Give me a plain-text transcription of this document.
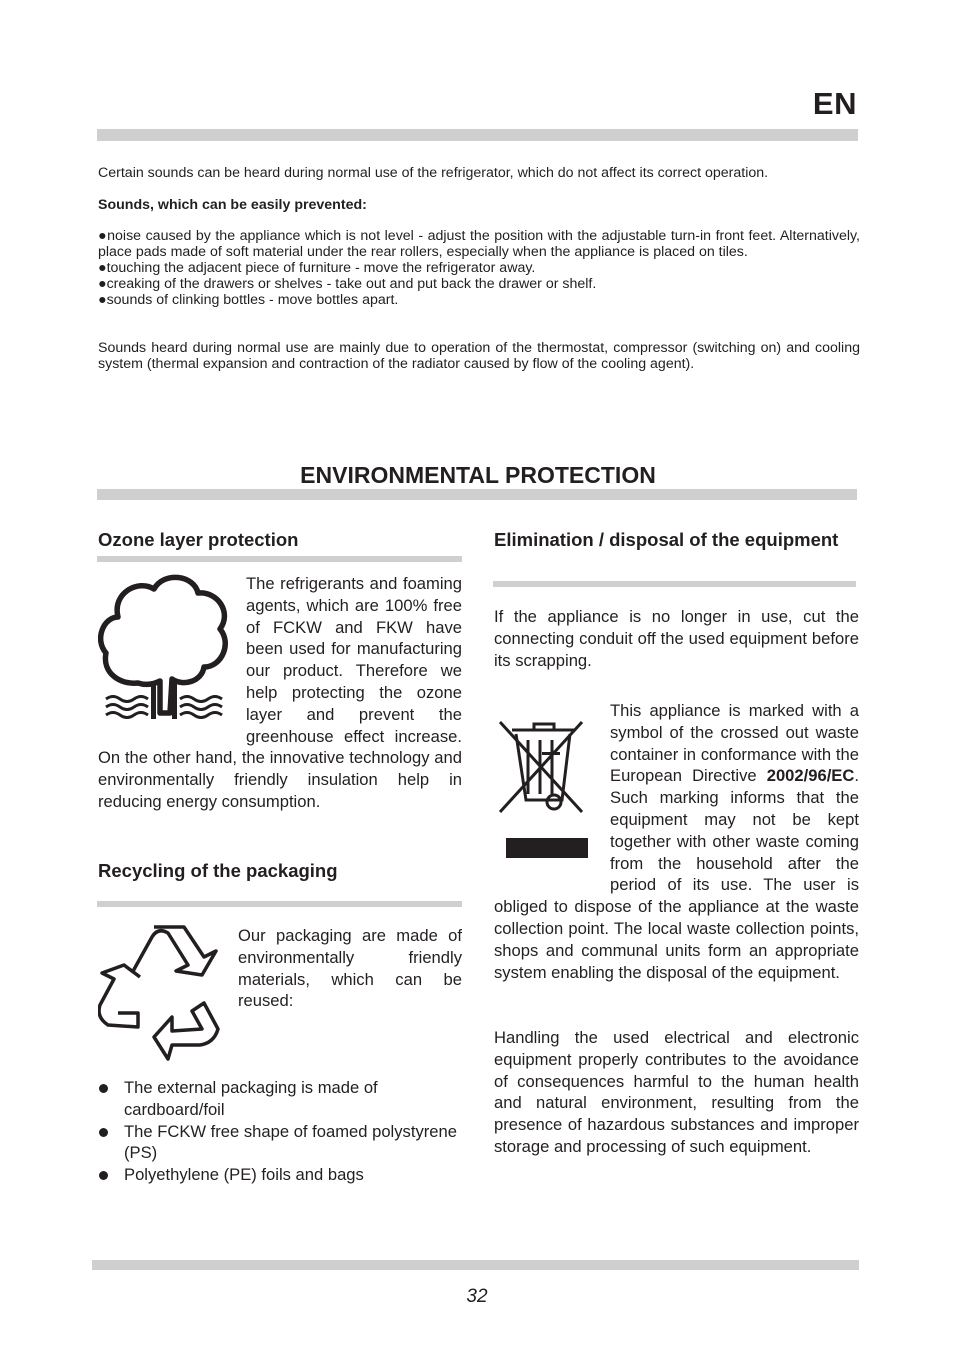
EN

Certain sounds can be heard during normal use of the refrigerator, which do not affect its correct operation.

Sounds, which can be easily prevented:

●noise caused by the appliance which is not level - adjust the position with the adjustable turn-in front feet. Alternatively, place pads made of soft material under the rear rollers, especially when the appliance is placed on tiles.

●touching the adjacent piece of furniture - move the refrigerator away.

●creaking of the drawers or shelves - take out and put back the drawer or shelf.

●sounds of clinking bottles - move bottles apart.

Sounds heard during normal use are mainly due to operation of the thermostat, compressor (switching on) and cooling system (thermal expansion and contraction of the radiator caused by flow of the cooling agent).

ENVIRONMENTAL PROTECTION
Ozone layer protection

The refrigerants and foaming agents, which are 100% free of FCKW and FKW have been used for manufacturing our product. Therefore we help protecting the ozone layer and prevent the greenhouse effect increase. On the other hand, the innovative technology and environmentally friendly insulation help in reducing energy consumption.

Recycling of the packaging

Our packaging are made of environmentally friendly materials, which can be reused:

The external packaging is made of cardboard/foil
The FCKW free shape of foamed polystyrene (PS)
Polyethylene (PE) foils and bags
Elimination / disposal of the equipment

If the appliance is no longer in use, cut the connecting conduit off the used equipment before its scrapping.

This appliance is marked with a symbol of the crossed out waste container in conformance with the European Directive 2002/96/EC. Such marking informs that the equipment may not be kept together with other waste coming from the household after the period of its use. The user is obliged to dispose of the appliance at the waste collection point. The local waste collection points, shops and communal units form an appropriate system enabling the disposal of the equipment.

Handling the used electrical and electronic equipment properly contributes to the avoidance of consequences harmful to the human health and natural environment, resulting from the presence of hazardous substances and improper storage and processing of such equipment.

32
